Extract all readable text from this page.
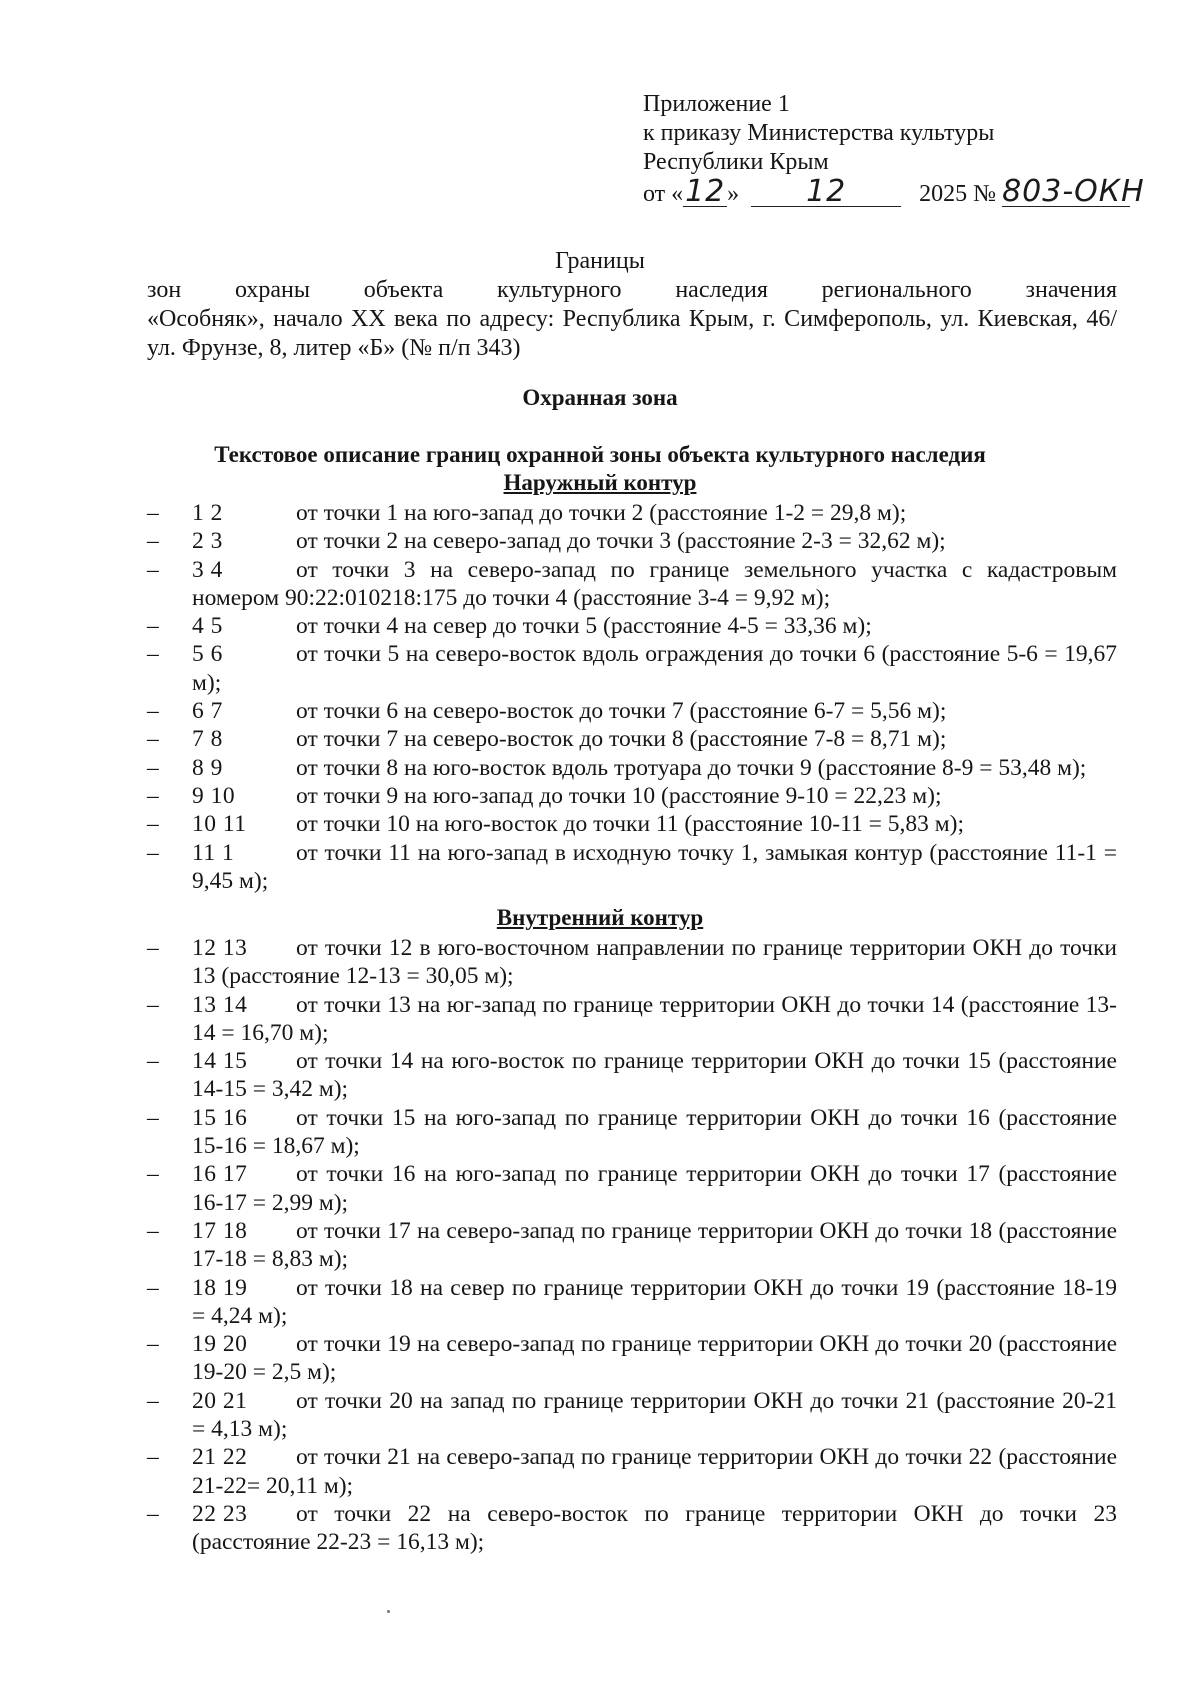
Приложение 1
к приказу Министерства культуры
Республики Крым
от «12» 12	2025 № 803-ОКН
Границы
зон охраны объекта культурного наследия регионального значения
«Особняк», начало XX века по адресу: Республика Крым, г. Симферополь, ул. Киевская, 46/ул. Фрунзе, 8, литер «Б» (№ п/п 343)
Охранная зона
Текстовое описание границ охранной зоны объекта культурного наследия
Наружный контур
– 1 2	от точки 1 на юго-запад до точки 2 (расстояние 1-2 = 29,8 м);
– 2 3	от точки 2 на северо-запад до точки 3 (расстояние 2-3 = 32,62 м);
– 3 4	от точки 3 на северо-запад по границе земельного участка с кадастровым номером 90:22:010218:175 до точки 4 (расстояние 3-4 = 9,92 м);
– 4 5	от точки 4 на север до точки 5 (расстояние 4-5 = 33,36 м);
– 5 6	от точки 5 на северо-восток вдоль ограждения до точки 6 (расстояние 5-6 = 19,67 м);
– 6 7	от точки 6 на северо-восток до точки 7 (расстояние 6-7 = 5,56 м);
– 7 8	от точки 7 на северо-восток до точки 8 (расстояние 7-8 = 8,71 м);
– 8 9	от точки 8 на юго-восток вдоль тротуара до точки 9 (расстояние 8-9 = 53,48 м);
– 9 10	от точки 9 на юго-запад до точки 10 (расстояние 9-10 = 22,23 м);
– 10 11 от точки 10 на юго-восток до точки 11 (расстояние 10-11 = 5,83 м);
– 11 1	от точки 11 на юго-запад в исходную точку 1, замыкая контур (расстояние 11-1 = 9,45 м);
Внутренний контур
– 12 13 от точки 12 в юго-восточном направлении по границе территории ОКН до точки 13 (расстояние 12-13 = 30,05 м);
– 13 14 от точки 13 на юг-запад по границе территории ОКН до точки 14 (расстояние 13-14 = 16,70 м);
– 14 15 от точки 14 на юго-восток по границе территории ОКН до точки 15 (расстояние 14-15 = 3,42 м);
– 15 16 от точки 15 на юго-запад по границе территории ОКН до точки 16 (расстояние 15-16 = 18,67 м);
– 16 17 от точки 16 на юго-запад по границе территории ОКН до точки 17 (расстояние 16-17 = 2,99 м);
– 17 18 от точки 17 на северо-запад по границе территории ОКН до точки 18 (расстояние 17-18 = 8,83 м);
– 18 19 от точки 18 на север по границе территории ОКН до точки 19 (расстояние 18-19 = 4,24 м);
– 19 20 от точки 19 на северо-запад по границе территории ОКН до точки 20 (расстояние 19-20 = 2,5 м);
– 20 21 от точки 20 на запад по границе территории ОКН до точки 21 (расстояние 20-21 = 4,13 м);
– 21 22 от точки 21 на северо-запад по границе территории ОКН до точки 22 (расстояние 21-22= 20,11 м);
– 22 23 от точки 22 на северо-восток по границе территории ОКН до точки 23 (расстояние 22-23 = 16,13 м);
